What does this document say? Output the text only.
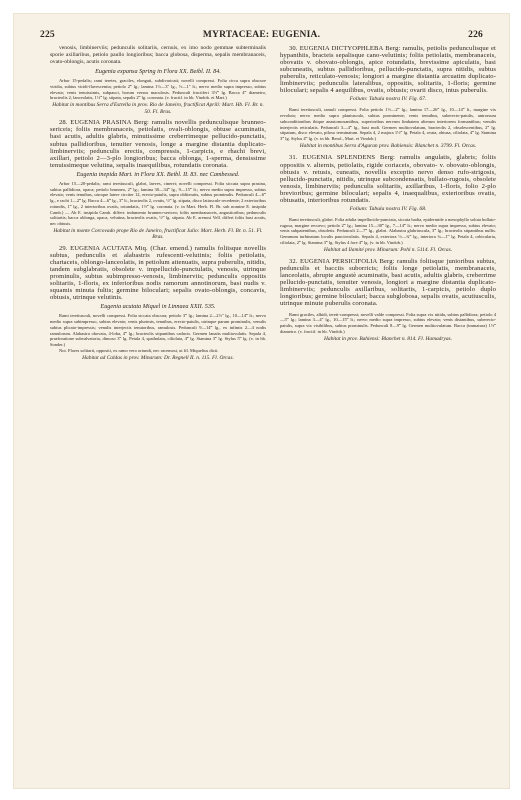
225	MYRTACEAE: EUGENIA.	226

venosis, limbinerviis; pedunculis solitariis, cernuis, ex imo nodo gemmae subterminalis sporie axillaribus, petiolo paullo longioribus; bacca globosa, dispermа, sepalis membranaceis, ovato-oblongis, acutis coronata.

Eugenia expansa Spring in Flora XX. Beibl. II. 84.

Arbor 15-pedalis; rami teretes, graciles, elongati, subdivaricati; novelli compressi. Folia circa supra obscure viridia, subtus viridi-flavescentia; petiolo 2‴ lg.; lamina 1½—3″ lg., ½—1″ lt.; nervo medio supra impresso, subtus elevato; venis tenuissimis, subpauci, horum versus maculosis. Pedunculi fructiferi 3½‴ lg. Bacca 4‴ diametro, bracteolis 2, lanceolatis, 1½‴ lg. stipata, sepalis 2‴ lg. coronata. (v. fructif. in hb. Vindob. et Mart.)

Habitat in montibus Serra d'Estrella in prov. Rio de Janeiro, fructificat Aprili: Mart. Hb. Fl. Br. n. 50. Fl. Bras.

28. EUGENIA PRASINA Berg: ramulis novellis pedunculisque brunneo-sericeis; foliis membranaceis, petiolatis, ovali-oblongis, obtuse acuminatis, basi acutis, adultis glabris, minutissime creberrimeque pellucido-punctatis, subtus pallidioribus, tenuiter venosis, longe a margine distantia duplicato-limbinerviis; pedunculis erectis, compressis, 1-carpicis, e rhachi brevi, axillari, petiolo 2—3-plo longioribus; bacca oblonga, 1-sperma, densissime tenuissimeque velutina, sepalis inaequilibus, rotundatis coronata.

Eugenia inepida Mart. in Flora XX. Beibl. II. 83. nec Cambessed.

Arbor 15—20-pedalis; rami teretiusculi, glabri, laeves, cinerei; novelli compressi. Folia siccata supra prasina, subtus pallidiora, opaca; petiolo brunneo, 2‴ lg.; lamina 30—34‴ lg., 9—15‴ lt.; nervo medio supra impresso, subtus elevato; venis tenuibus, utroque latere circiter 12, erecto-patulis, supra obliteratis, subtus prominulis. Pedunculi 4—6‴ lg., e rachi 1—2‴ lg. Bacca 4—6‴ lg., 3‴ lt., bracteolis 2, ovatis, ½‴ lg. stipata, disco latiuscule recedente; 2 exterioribus rotundis, 1‴ lg., 2 interioribus ovatis, rotundatis, 1½‴ lg. coronata. (v. in Mart. Herb. Fl. Br. sub nomine E. insipida Camb.) — Ab E. insipida Camb. differt: indumento brunneo-sericeo; foliis membranaceis, angustioribus; pedunculis solitariis; bacca oblonga, opaca, velutina, bracteolis ovatis, ½‴ lg. stipata. Ab E. arenosi Vell. differt foliis basi acutis, nec obtusis.

Habitat in monte Corcovado prope Rio de Janeiro, fructificat Julio: Mart. Herb. Fl. Br. n. 51. Fl. Bras.

29. EUGENIA ACUTATA Miq. (Char. emend.) ramulis foliisque novellis subtus, pedunculis et alabastris rufescenti-velutinis; foliis petiolatis, chartaceis, oblongo-lanceolatis, in petiolum attenuatis, supra puberulis, nitidis, tandem subglabratis, obsolete v. impellucido-punctulatis, venosis, utrinque prominulis, subtus subimpresso-venosis, limbinerviis; pedunculis oppositis solitariis, 1-floris, ex inferioribus nodis ramorum annotinorum, basi nudis v. squamis minuta fultis; germine biloculari; sepalis ovato-oblongis, concavis, obtusis, utrinque velutinis.

Eugenia acutata Miquel in Linnaea XXII. 535.

Rami teretiusculi, novelli compressi. Folia siccata obscura; petiolo 3‴ lg.; lamina 2—2½″ lg., 10—14‴ lt.; nervo medio supra subimpresso, subtus elevato; venis plurimis, tenuibus, erecto-patulis, utrinque parum prominulis, venulis subtus plicato-impressis; venulis interjectis tenuioribus, ramulosis. Pedunculi 9—14‴ lg., ex infimis 2—4 nodis ramulorum. Alabastra obovata, 4-loba, 4‴ lg.; bracteolis stipantibus caducis. Germen lanatis multiovulatis. Sepala 4, praeforatione subvalvatoria, dimoso 3‴ lg. Petala 4, spathulata, ciliolata, 4‴ lg. Stamina 3‴ lg. Stylus 5‴ lg. (v. in hb. Sonder.)

Not. Flores solitarii, oppositi, ex ramo vero oriundi, nec racemosi, ut fil. Miquelius dicit.

Habitat ad Caldas in prov. Minarum: Dr. Regnell II. n. 115. Fl. Orcas.

30. EUGENIA DICTYOPHLEBA Berg: ramulis, petiolis pedunculisque et hypanthiis, bracteis sepalisque cano-velutinis; foliis petiolatis, membranaceis, obovatis v. obovato-oblongis, apice rotundatis, brevissime apiculatis, basi subcuneatis, subtus pallidioribus, pellucido-punctatis, supra nitidis, subtus puberulis, reticulato-venosis; longiori a margine distantia arcuatim duplicato-limbinerviis; pedunculis lateralibus, oppositis, solitariis, 1-floris; germine biloculari; sepalis 4 aequilibus, ovatis, obtusis; ovarii disco, intus puberulis.

Folium: Tabula nostra IV. Fig. 67.

Rami teretiusculi, ramuli compressi. Folia petiolo 1½—2‴ lg.; lamina 17—26‴ lg., 10—14‴ lt., margine vix revoluto; nervo medio supra planiusculo, subtus prominente; venis tenuibus, suberecto-patulis, antrorsum subconditionibus ibique anastomosantibus, superioribus nervum limbatem alterum interiorem formantibus; venulis interjectis reticulatis. Pedunculi 3—4‴ lg., basi nudi. Germen multiovulatum, bracteolis 2, obsolescentibus, 2‴ lg. stipatum, disco elevato, piloso terminatum. Sepala 4, 2 majora 1½‴ lg. Petala 4, ovata, obtusa, ciliolata, 4‴ lg. Stamina 3‴ lg. Stylus 4‴ lg. (v. in hb. Berol., Mart. et Vindob.)

Habitat in montibus Serra d'Aguran prov. Bahiensis: Blanchet n. 3799. Fl. Orcas.

31. EUGENIA SPLENDENS Berg: ramulis angulatis, glabris; foliis oppositis v. alternis, petiolatis, rigide coriaceis, obovato- v. obovato-oblongis, obtusis v. retusis, cuneatis, novellis exceptio nervo denso rufo-strigosis, pellucido-punctatis, nitidis, utrinque subcondensatis, bullato-rugosis, obsolete venosis, limbinerviis; pedunculis solitariis, axillaribus, 1-floris, folio 2-plo brevioribus; germine biloculari; sepalis 4, inaequalibus, exterioribus ovatis, obtusatis, interioribus rotundatis.

Folium: Tabula nostra IV. Fig. 68.

Rami teretiusculi, glabri. Folia adulta impellucido-punctata, siccata badia, epidermide a mesophyllo soluta bullato-rugosa, margine recurvo; petiolo 2‴ lg.; lamina 15—30‴ lg., 7—14‴ lt.; nervo medio supra impresso, subtus elevato; venis subpatentibus, obsoletis. Pedunculi 2—7‴ lg., glabri. Alabastra glabriuscula, 3‴ lg.; bracteolis stipantibus nullis. Gemmum turbinatum loculis pauciovulatis. Sepala 4, exteriora ½—¾‴ lg., interiora ¾—1‴ lg. Petala 4, orbicularia, ciliolata, 2‴ lg. Stamina 3‴ lg. Stylus 4 fore 4‴ lg. (v. in hb. Vindob.)

Habitat ad Ilamité prov. Minarum: Pohl n. 5114. Fl. Orcas.

32. EUGENIA PERSICIFOLIA Berg: ramulis foliisque junioribus subtus, pedunculis et bacciis suborricis; foliis longe petiolatis, membranaceis, lanceolatis, abrupte angustè acuminatis, basi acutis, adultis glabris, creberrime pellucido-punctatis, tenuiter venosis, longiori a margine distantia duplicato-limbinerviis; pedunculis axillaribus, solitariis, 1-carpicis, petiolo duplo longioribus; germine biloculari; bacca subglobosa, sepalis ovatis, acutiusculis, utrinque minute puberulis coronata.

Rami graciles, albidi, tereti-compressi; novelli valde compressi. Folia supra vix nitida, subtus pallidiora; petiolo 4—5‴ lg.; lamina 3—4″ lg., 10—15‴ lt.; nervo medio supra impresso, subtus elevato; venis distantibus, suberecto-patulis, supra vix visibilibus, subtus prominulis. Pedunculi 8—9‴ lg. Germen multiovulatum. Bacca (immatura) 1½‴ diametro. (v. fructif. in hb. Vindob.)

Habitat in prov. Bahiensi: Blanchet n. 814. Fl. Hamadryas.
